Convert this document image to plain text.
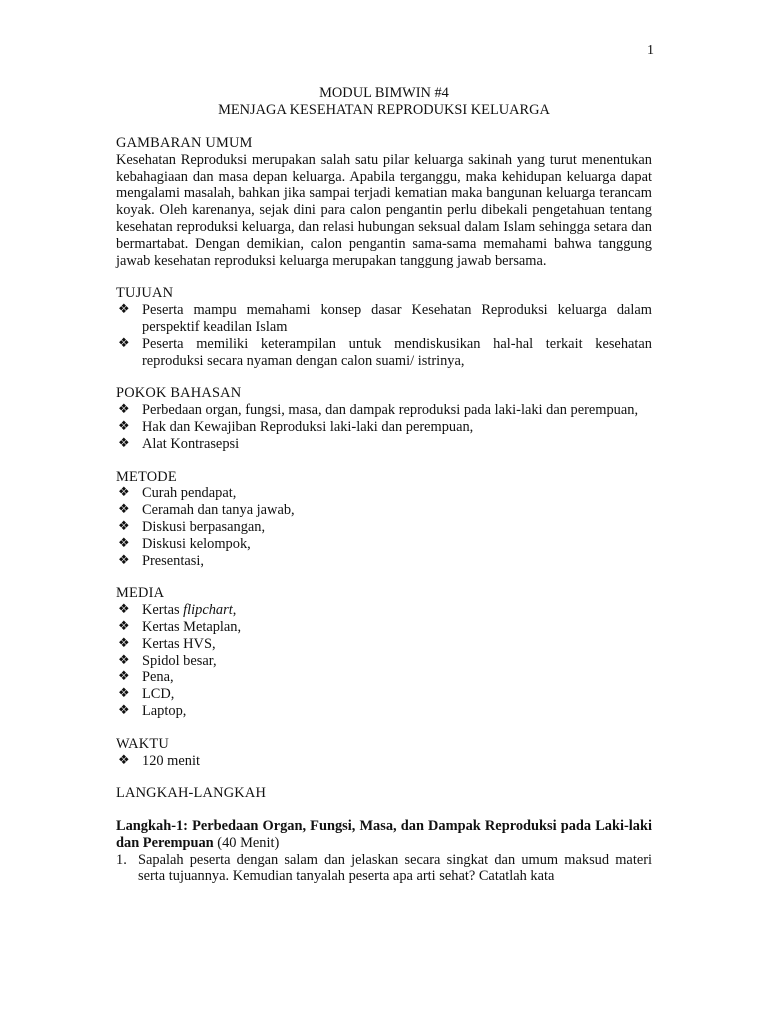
1
MODUL BIMWIN #4
MENJAGA KESEHATAN REPRODUKSI KELUARGA

GAMBARAN UMUM

Kesehatan Reproduksi merupakan salah satu pilar keluarga sakinah yang turut menentukan kebahagiaan dan masa depan keluarga. Apabila terganggu, maka kehidupan keluarga dapat mengalami masalah, bahkan jika sampai terjadi kematian maka bangunan keluarga terancam koyak. Oleh karenanya, sejak dini para calon pengantin perlu dibekali pengetahuan tentang kesehatan reproduksi keluarga, dan relasi hubungan seksual dalam Islam sehingga setara dan bermartabat. Dengan demikian, calon pengantin sama-sama memahami bahwa tanggung jawab kesehatan reproduksi keluarga merupakan tanggung jawab bersama.

TUJUAN

❖ Peserta mampu memahami konsep dasar Kesehatan Reproduksi keluarga dalam perspektif keadilan Islam
❖ Peserta memiliki keterampilan untuk mendiskusikan hal-hal terkait kesehatan reproduksi secara nyaman dengan calon suami/ istrinya,

POKOK BAHASAN

❖ Perbedaan organ, fungsi, masa, dan dampak reproduksi pada laki-laki dan perempuan,
❖ Hak dan Kewajiban Reproduksi laki-laki dan perempuan,
❖ Alat Kontrasepsi

METODE

❖ Curah pendapat,
❖ Ceramah dan tanya jawab,
❖ Diskusi berpasangan,
❖ Diskusi kelompok,
❖ Presentasi,

MEDIA

❖ Kertas flipchart,
❖ Kertas Metaplan,
❖ Kertas HVS,
❖ Spidol besar,
❖ Pena,
❖ LCD,
❖ Laptop,

WAKTU

❖ 120 menit

LANGKAH-LANGKAH

Langkah-1: Perbedaan Organ, Fungsi, Masa, dan Dampak Reproduksi pada Laki-laki dan Perempuan (40 Menit)

1. Sapalah peserta dengan salam dan jelaskan secara singkat dan umum maksud materi serta tujuannya. Kemudian tanyalah peserta apa arti sehat? Catatlah kata
